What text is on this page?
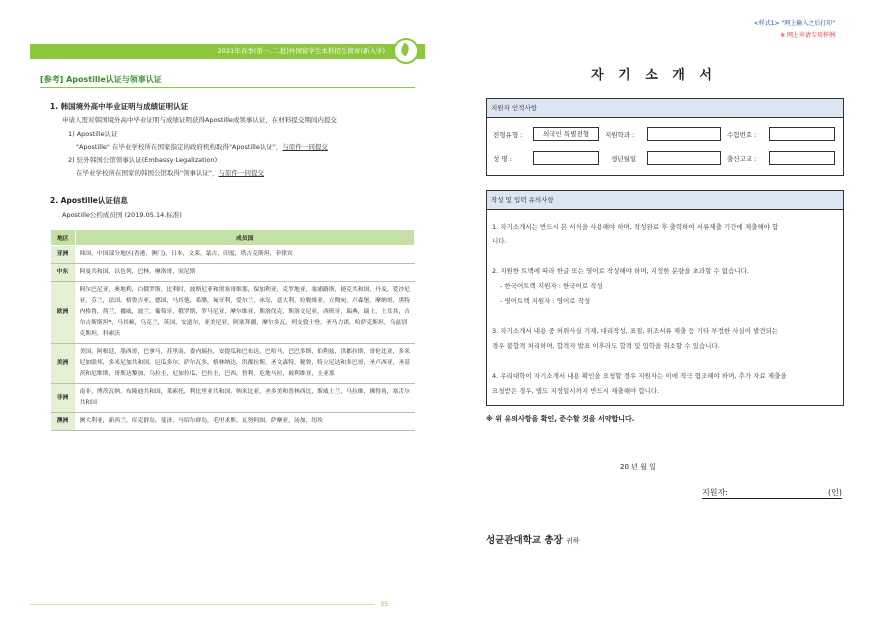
2021年春季(第一,二,批)外国留学生本科招生简章(新入学)
[参考] Apostille认证与领事认证
1. 韩国境外高中毕业证明与成绩证明认证
申请人需对韩国境外高中毕业证明与成绩证明获得Apostille或领事认证，在材料提交期间内提交
1) Apostille认证
"Apostille" 在毕业学校所在国家指定的政府机构取得"Apostille认证"，与原件一同提交
2) 驻外韩国公馆领事认证(Embassy Legalization)
在毕业学校所在国家的韩国公馆取得"领事认证"，与原件一同提交
2. Apostille认证信息
Apostille公约成员国 (2019.05.14.标准)
地区	成员国
亚洲	韩国，中国部分地区(香港，澳门)，日本，文莱，蒙古，印度，塔吉克斯坦，菲律宾
中东	阿曼共和国，以色列，巴林，摩洛哥，突尼斯
欧洲	阿尔巴尼亚，奥地利，白俄罗斯，比利时，波斯尼亚和黑塞哥维那，保加利亚，克罗地亚，塞浦路斯，捷克共和国，丹麦，爱沙尼亚，芬兰，法国，格鲁吉亚，德国，马其他，希腊，匈牙利，爱尔兰，冰岛，意大利，拉脱维亚，立陶宛，卢森堡，摩纳哥，黑特内格鲁，荷兰，挪威，波兰，葡萄牙，俄罗斯，罗马尼亚，摩尔维亚，斯洛伐克，斯洛文尼亚，西班牙，瑞典，瑞士，土耳其，吉尔吉斯斯坦*，马其顿，乌克兰，英国，安道尔，亚美尼亚，阿塞拜疆，摩尔多瓦，列支敦士登，圣马力诺，哈萨克斯坦，乌兹别克斯坦，科索沃
美洲	美国，阿根廷，墨西哥，巴拿马，苏里南，委内瑞拉，安提瓜和巴布达，巴哈马，巴巴多斯，伯利兹，洪都拉斯，哥伦比亚，多米尼加联邦，多米尼加共和国，厄瓜多尔，萨尔瓦多，格林纳达，洪都拉斯，圣文森特，秘鲁，特立尼达和多巴哥，圣卢西亚，圣基茨和尼维斯，哥斯达黎加，乌拉圭，尼加拉瓜，巴拉圭，巴西，智利，危地马拉，玻利维亚，圭亚那
非洲	南非，博茨瓦纳，布隆迪共和国，莱索托，利比里亚共和国，纳米比亚，圣多美和普林西比，斯威士兰，马拉维，佛得角，塞舌尔共和国
澳洲	澳大利亚，新西兰，库克群岛，斐济，马绍尔群岛，毛里求斯，瓦努阿图，萨摩亚，汤加，纽埃
35
<样式1> "网上输入之后打印"
※ 网上申请专用样例
자 기 소 개 서
지원자 인적사항
전형유형 :	외국인 특별전형	지원학과 :	수험번호 :
성 명 :	생년월일	출신고교 :
작성 및 입력 유의사항
1. 자기소개서는 반드시 본 서식을 사용해야 하며, 작성완료 후 출력하여 서류제출 기간에 제출해야 합
니다.
2. 지원한 트랙에 따라 한글 또는 영어로 작성해야 하며, 지정한 분량을 초과할 수 없습니다.
- 한국어트랙 지원자 : 한국어로 작성
- 영어트랙 지원자 : 영어로 작성
3. 자기소개서 내용 중 허위사실 기재, 대리작성, 표절, 위조서류 제출 등 기타 부정한 사실이 발견되는
경우 불합격 처리하며, 합격자 발표 이후라도 합격 및 입학을 취소할 수 있습니다.
4. 우리대학이 자기소개서 내용 확인을 요청할 경우 지원자는 이에 적극 협조해야 하며, 추가 자료 제출을
요청받은 경우, 별도 지정일시까지 반드시 제출해야 합니다.
※ 위 유의사항을 확인, 준수할 것을 서약합니다.
20 년 월 일
지원자:	(인)
성균관대학교 총장 귀하
